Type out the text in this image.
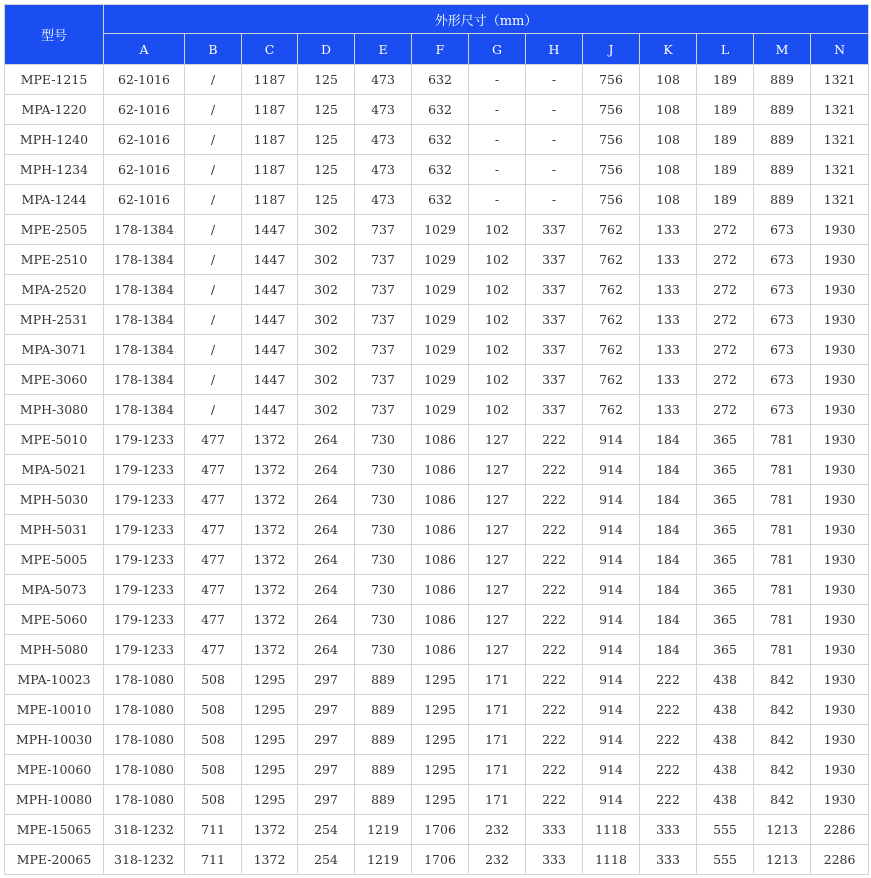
型号	外形尺寸（mm）												
	A	B	C	D	E	F	G	H	J	K	L	M	N
MPE-1215	62-1016	/	1187	125	473	632	-	-	756	108	189	889	1321
MPA-1220	62-1016	/	1187	125	473	632	-	-	756	108	189	889	1321
MPH-1240	62-1016	/	1187	125	473	632	-	-	756	108	189	889	1321
MPH-1234	62-1016	/	1187	125	473	632	-	-	756	108	189	889	1321
MPA-1244	62-1016	/	1187	125	473	632	-	-	756	108	189	889	1321
MPE-2505	178-1384	/	1447	302	737	1029	102	337	762	133	272	673	1930
MPE-2510	178-1384	/	1447	302	737	1029	102	337	762	133	272	673	1930
MPA-2520	178-1384	/	1447	302	737	1029	102	337	762	133	272	673	1930
MPH-2531	178-1384	/	1447	302	737	1029	102	337	762	133	272	673	1930
MPA-3071	178-1384	/	1447	302	737	1029	102	337	762	133	272	673	1930
MPE-3060	178-1384	/	1447	302	737	1029	102	337	762	133	272	673	1930
MPH-3080	178-1384	/	1447	302	737	1029	102	337	762	133	272	673	1930
MPE-5010	179-1233	477	1372	264	730	1086	127	222	914	184	365	781	1930
MPA-5021	179-1233	477	1372	264	730	1086	127	222	914	184	365	781	1930
MPH-5030	179-1233	477	1372	264	730	1086	127	222	914	184	365	781	1930
MPH-5031	179-1233	477	1372	264	730	1086	127	222	914	184	365	781	1930
MPE-5005	179-1233	477	1372	264	730	1086	127	222	914	184	365	781	1930
MPA-5073	179-1233	477	1372	264	730	1086	127	222	914	184	365	781	1930
MPE-5060	179-1233	477	1372	264	730	1086	127	222	914	184	365	781	1930
MPH-5080	179-1233	477	1372	264	730	1086	127	222	914	184	365	781	1930
MPA-10023	178-1080	508	1295	297	889	1295	171	222	914	222	438	842	1930
MPE-10010	178-1080	508	1295	297	889	1295	171	222	914	222	438	842	1930
MPH-10030	178-1080	508	1295	297	889	1295	171	222	914	222	438	842	1930
MPE-10060	178-1080	508	1295	297	889	1295	171	222	914	222	438	842	1930
MPH-10080	178-1080	508	1295	297	889	1295	171	222	914	222	438	842	1930
MPE-15065	318-1232	711	1372	254	1219	1706	232	333	1118	333	555	1213	2286
MPE-20065	318-1232	711	1372	254	1219	1706	232	333	1118	333	555	1213	2286
